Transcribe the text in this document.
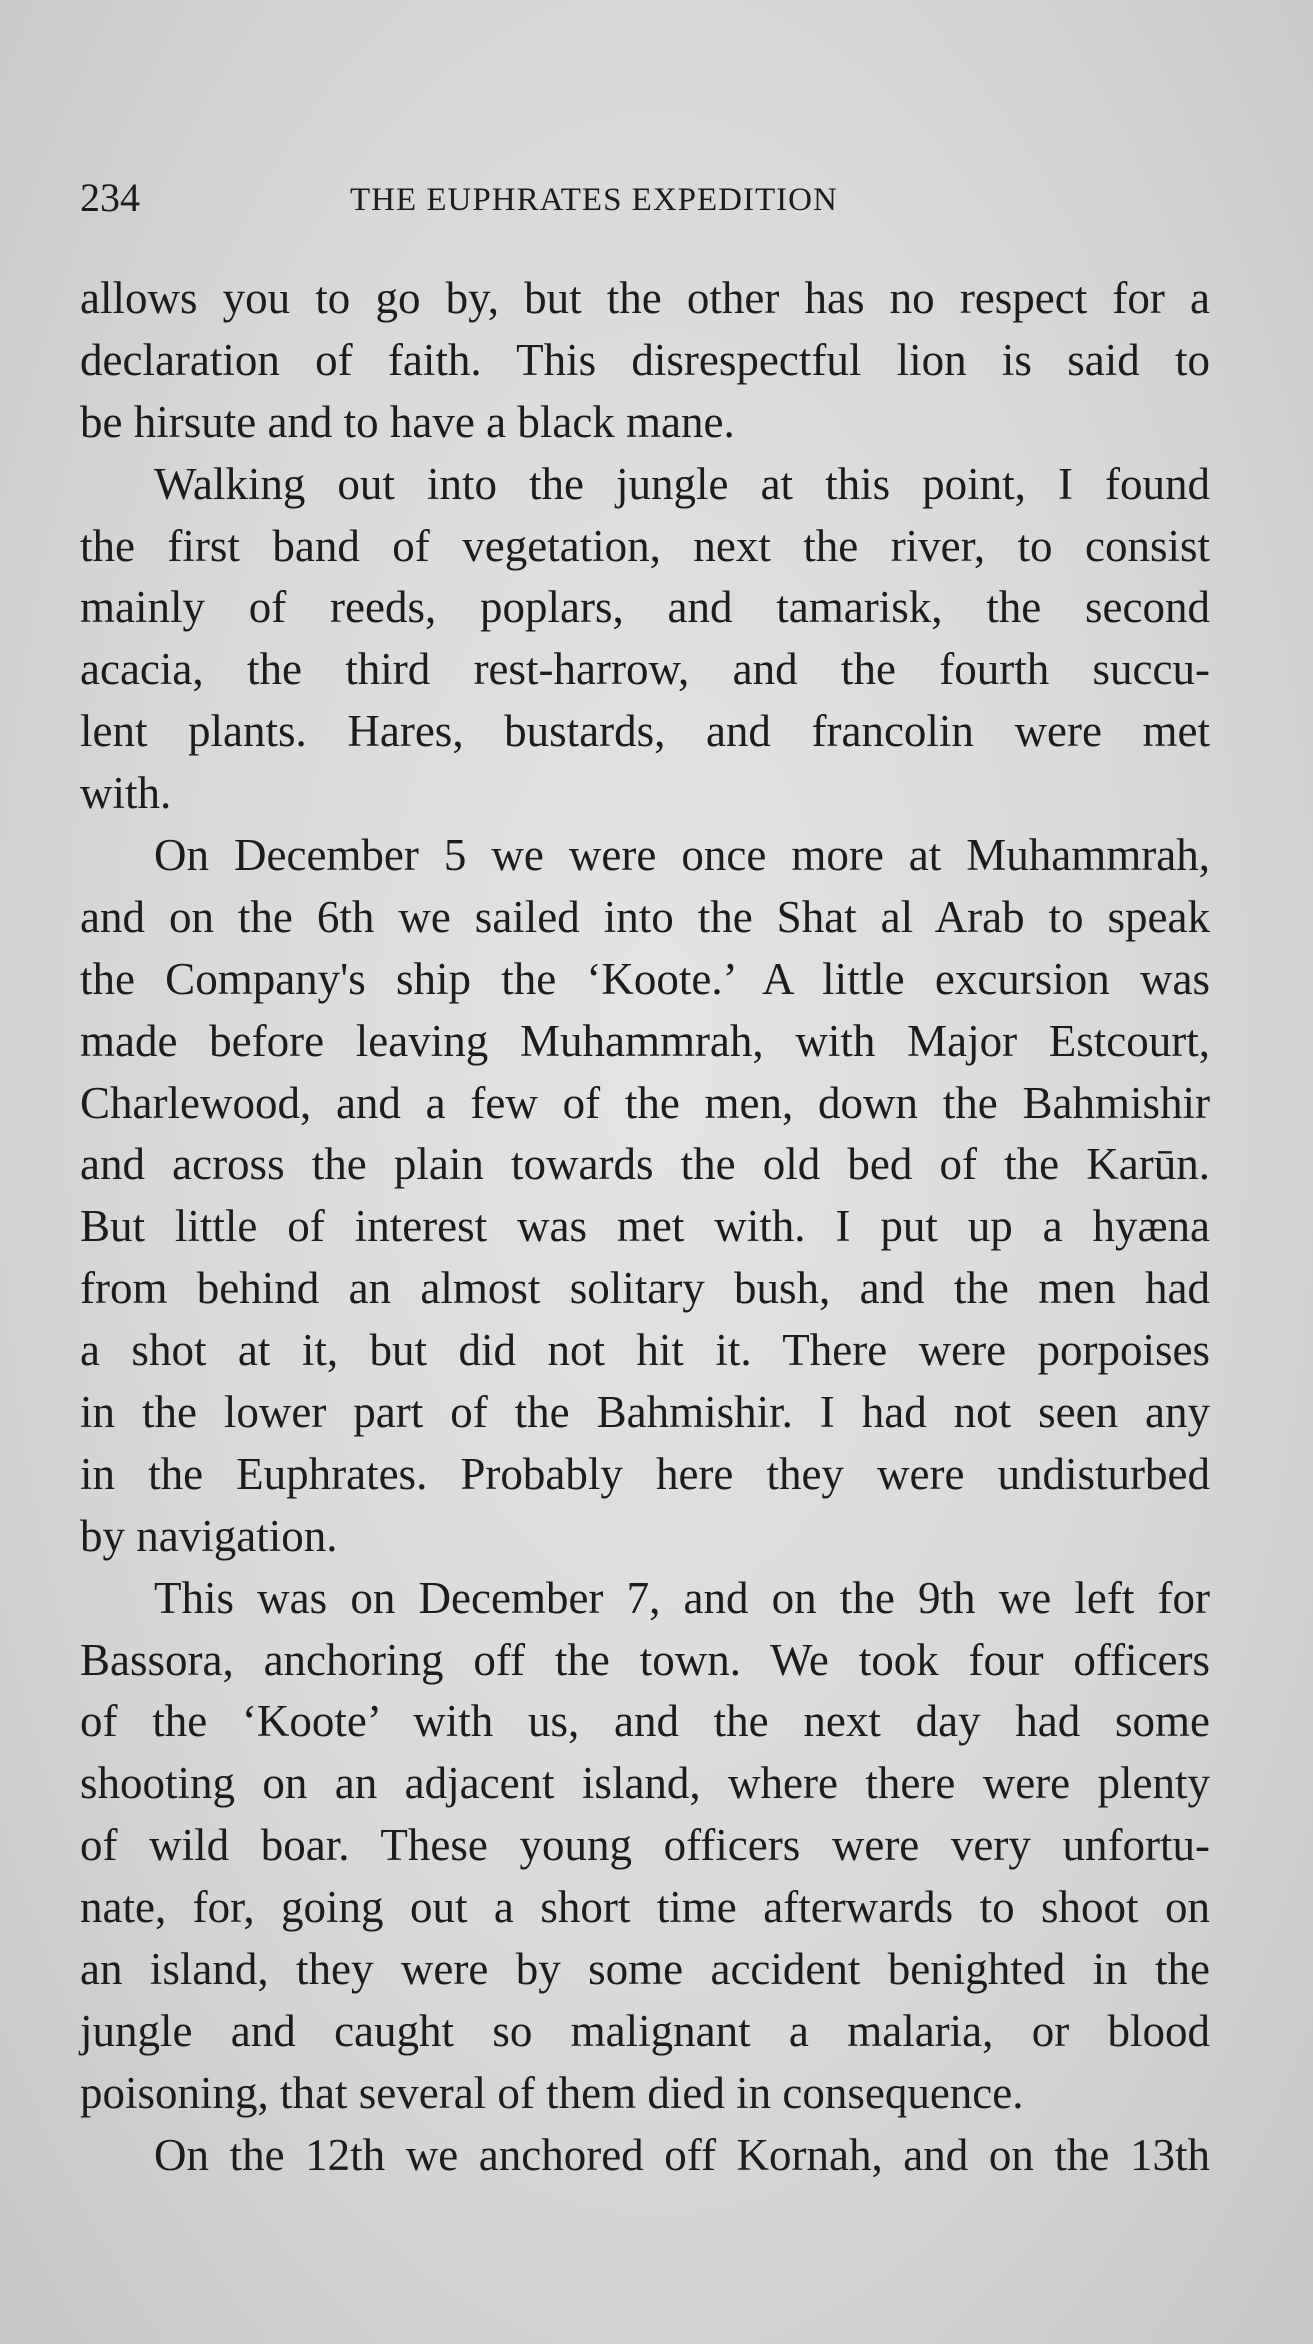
234	THE EUPHRATES EXPEDITION
allows you to go by, but the other has no respect for a
declaration of faith. This disrespectful lion is said to
be hirsute and to have a black mane.
Walking out into the jungle at this point, I found
the first band of vegetation, next the river, to consist
mainly of reeds, poplars, and tamarisk, the second
acacia, the third rest-harrow, and the fourth succu-
lent plants. Hares, bustards, and francolin were met
with.
On December 5 we were once more at Muhammrah,
and on the 6th we sailed into the Shat al Arab to speak
the Company's ship the ‘Koote.’ A little excursion was
made before leaving Muhammrah, with Major Estcourt,
Charlewood, and a few of the men, down the Bahmishir
and across the plain towards the old bed of the Karūn.
But little of interest was met with. I put up a hyæna
from behind an almost solitary bush, and the men had
a shot at it, but did not hit it. There were porpoises
in the lower part of the Bahmishir. I had not seen any
in the Euphrates. Probably here they were undisturbed
by navigation.
This was on December 7, and on the 9th we left for
Bassora, anchoring off the town. We took four officers
of the ‘Koote’ with us, and the next day had some
shooting on an adjacent island, where there were plenty
of wild boar. These young officers were very unfortu-
nate, for, going out a short time afterwards to shoot on
an island, they were by some accident benighted in the
jungle and caught so malignant a malaria, or blood
poisoning, that several of them died in consequence.
On the 12th we anchored off Kornah, and on the 13th
